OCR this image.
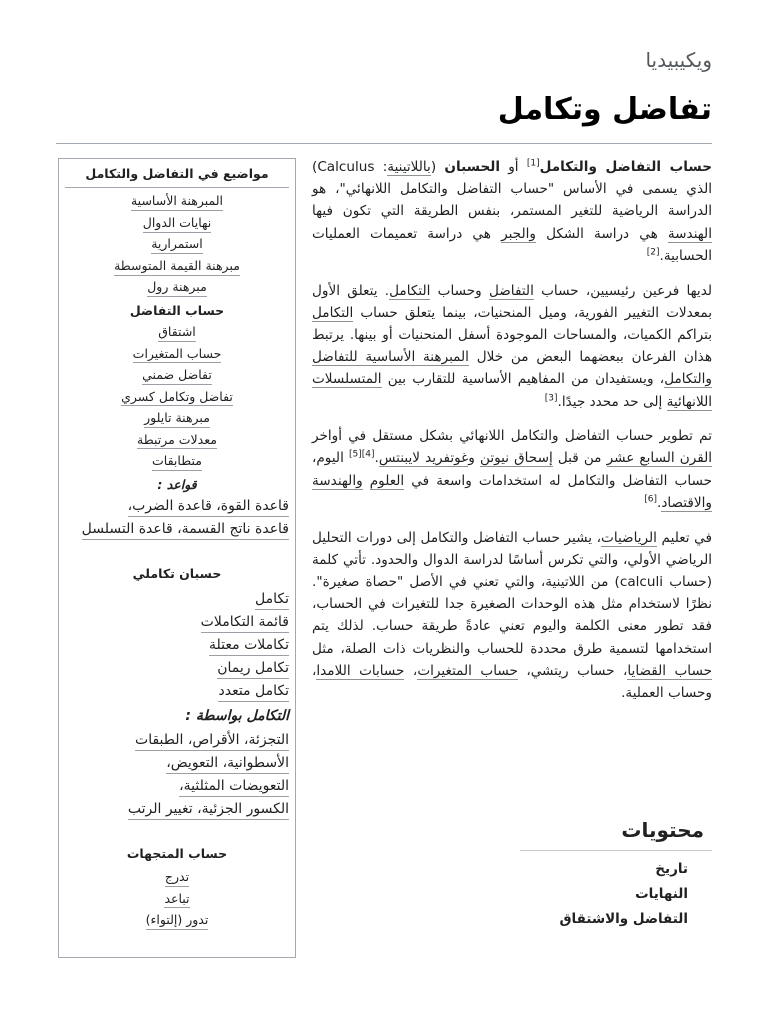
ويكيبيديا
تفاضل وتكامل

حساب التفاضل والتكامل[1] أو الحسبان (باللاتينية: Calculus) الذي يسمى في الأساس "حساب التفاضل والتكامل اللانهائي"، هو الدراسة الرياضية للتغير المستمر، بنفس الطريقة التي تكون فيها الهندسة هي دراسة الشكل والجبر هي دراسة تعميمات العمليات الحسابية.[2]

لديها فرعين رئيسيين، حساب التفاضل وحساب التكامل. يتعلق الأول بمعدلات التغيير الفورية، وميل المنحنيات، بينما يتعلق حساب التكامل بتراكم الكميات، والمساحات الموجودة أسفل المنحنيات أو بينها. يرتبط هذان الفرعان ببعضهما البعض من خلال المبرهنة الأساسية للتفاضل والتكامل، ويستفيدان من المفاهيم الأساسية للتقارب بين المتسلسلات اللانهائية إلى حد محدد جيدًا.[3]

تم تطوير حساب التفاضل والتكامل اللانهائي بشكل مستقل في أواخر القرن السابع عشر من قبل إسحاق نيوتن وغوتفريد لايبنتس.[4][5] اليوم، حساب التفاضل والتكامل له استخدامات واسعة في العلوم والهندسة والاقتصاد.[6]

في تعليم الرياضيات، يشير حساب التفاضل والتكامل إلى دورات التحليل الرياضي الأولي، والتي تكرس أساسًا لدراسة الدوال والحدود. تأتي كلمة (حساب calculi) من اللاتينية، والتي تعني في الأصل "حصاة صغيرة". نظرًا لاستخدام مثل هذه الوحدات الصغيرة جدا للتغيرات في الحساب، فقد تطور معنى الكلمة واليوم تعني عادةً طريقة حساب. لذلك يتم استخدامها لتسمية طرق محددة للحساب والنظريات ذات الصلة، مثل حساب القضايا، حساب ريتشي، حساب المتغيرات، حسابات اللامدا، وحساب العملية.

مواضيع في التفاضل والتكامل
المبرهنة الأساسية
نهايات الدوال
استمرارية
مبرهنة القيمة المتوسطة
مبرهنة رول
حساب التفاضل
اشتقاق
حساب المتغيرات
تفاضل ضمني
تفاضل وتكامل كسري
مبرهنة تايلور
معدلات مرتبطة
متطابقات
قواعد :
قاعدة القوة، قاعدة الضرب،
قاعدة ناتج القسمة، قاعدة التسلسل
حسبان تكاملي
تكامل
قائمة التكاملات
تكاملات معتلة
تكامل ريمان
تكامل متعدد
التكامل بواسطة :
التجزئة، الأقراص، الطبقات
الأسطوانية، التعويض،
التعويضات المثلثية،
الكسور الجزئية، تغيير الرتب
حساب المتجهات
تدرج
تباعد
تدور (إلتواء)
محتويات
تاريخ
النهايات
التفاضل والاشتقاق
